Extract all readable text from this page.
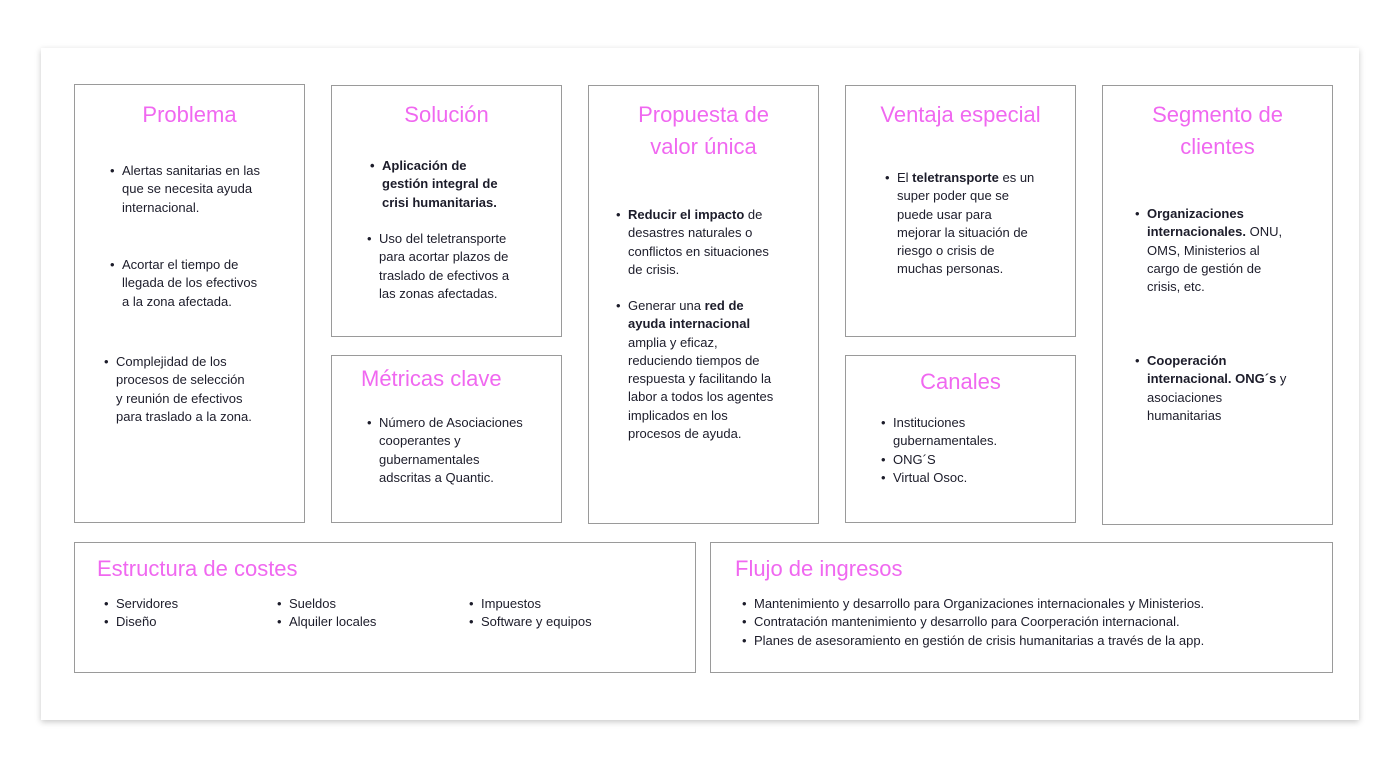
Problema
• Alertas sanitarias en las que se necesita ayuda internacional.
• Acortar el tiempo de llegada de los efectivos a la zona afectada.
• Complejidad de los procesos de selección y reunión de efectivos para traslado a la zona.
Solución
• Aplicación de gestión integral de crisi humanitarias.
• Uso del teletransporte para acortar plazos de traslado de efectivos a las zonas afectadas.
Métricas clave
• Número de Asociaciones cooperantes y gubernamentales adscritas a Quantic.
Propuesta de valor única
• Reducir el impacto de desastres naturales o conflictos en situaciones de crisis.
• Generar una red de ayuda internacional amplia y eficaz, reduciendo tiempos de respuesta y facilitando la labor a todos los agentes implicados en los procesos de ayuda.
Ventaja especial
• El teletransporte es un super poder que se puede usar para mejorar la situación de riesgo o crisis de muchas personas.
Canales
• Instituciones gubernamentales.
• ONG´S
• Virtual Osoc.
Segmento de clientes
• Organizaciones internacionales. ONU, OMS, Ministerios al cargo de gestión de crisis, etc.
• Cooperación internacional. ONG´s y asociaciones humanitarias
Estructura de costes
• Servidores
• Diseño
• Sueldos
• Alquiler locales
• Impuestos
• Software y equipos
Flujo de ingresos
• Mantenimiento y desarrollo para Organizaciones internacionales y Ministerios.
• Contratación mantenimiento y desarrollo para Coorperación internacional.
• Planes de asesoramiento en gestión de crisis humanitarias a través de la app.
